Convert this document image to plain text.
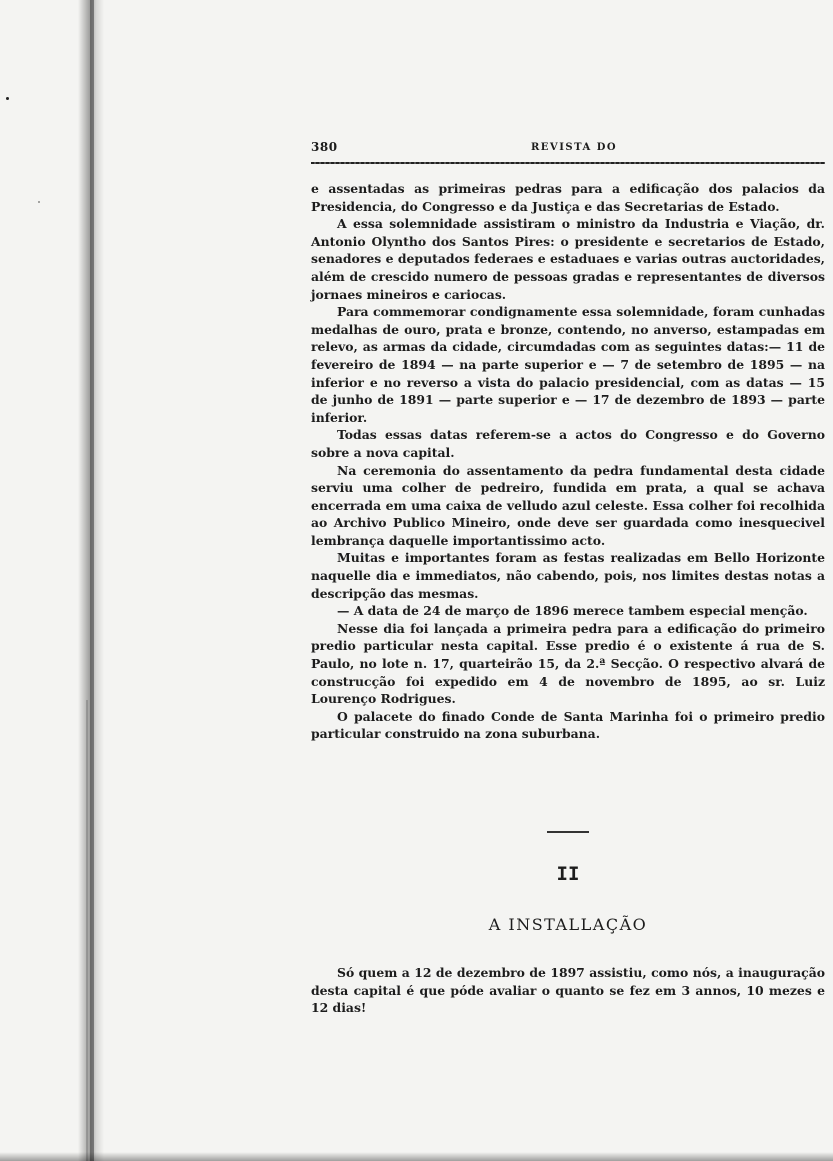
380	REVISTA DO

e assentadas as primeiras pedras para a edificação dos palacios da Presidencia, do Congresso e da Justiça e das Secretarias de Estado.

A essa solemnidade assistiram o ministro da Industria e Viação, dr. Antonio Olyntho dos Santos Pires: o presidente e secretarios de Estado, senadores e deputados federaes e estaduaes e varias outras auctoridades, além de crescido numero de pessoas gradas e representantes de diversos jornaes mineiros e cariocas.

Para commemorar condignamente essa solemnidade, foram cunhadas medalhas de ouro, prata e bronze, contendo, no anverso, estampadas em relevo, as armas da cidade, circumdadas com as seguintes datas:— 11 de fevereiro de 1894 — na parte superior e — 7 de setembro de 1895 — na inferior e no reverso a vista do palacio presidencial, com as datas — 15 de junho de 1891 — parte superior e — 17 de dezembro de 1893 — parte inferior.

Todas essas datas referem-se a actos do Congresso e do Governo sobre a nova capital.

Na ceremonia do assentamento da pedra fundamental desta cidade serviu uma colher de pedreiro, fundida em prata, a qual se achava encerrada em uma caixa de velludo azul celeste. Essa colher foi recolhida ao Archivo Publico Mineiro, onde deve ser guardada como inesquecivel lembrança daquelle importantissimo acto.

Muitas e importantes foram as festas realizadas em Bello Horizonte naquelle dia e immediatos, não cabendo, pois, nos limites destas notas a descripção das mesmas.

— A data de 24 de março de 1896 merece tambem especial menção.

Nesse dia foi lançada a primeira pedra para a edificação do primeiro predio particular nesta capital. Esse predio é o existente á rua de S. Paulo, no lote n. 17, quarteirão 15, da 2.ª Secção. O respectivo alvará de construcção foi expedido em 4 de novembro de 1895, ao sr. Luiz Lourenço Rodrigues.

O palacete do finado Conde de Santa Marinha foi o primeiro predio particular construido na zona suburbana.

II
A INSTALLAÇÃO

Só quem a 12 de dezembro de 1897 assistiu, como nós, a inauguração desta capital é que póde avaliar o quanto se fez em 3 annos, 10 mezes e 12 dias!
